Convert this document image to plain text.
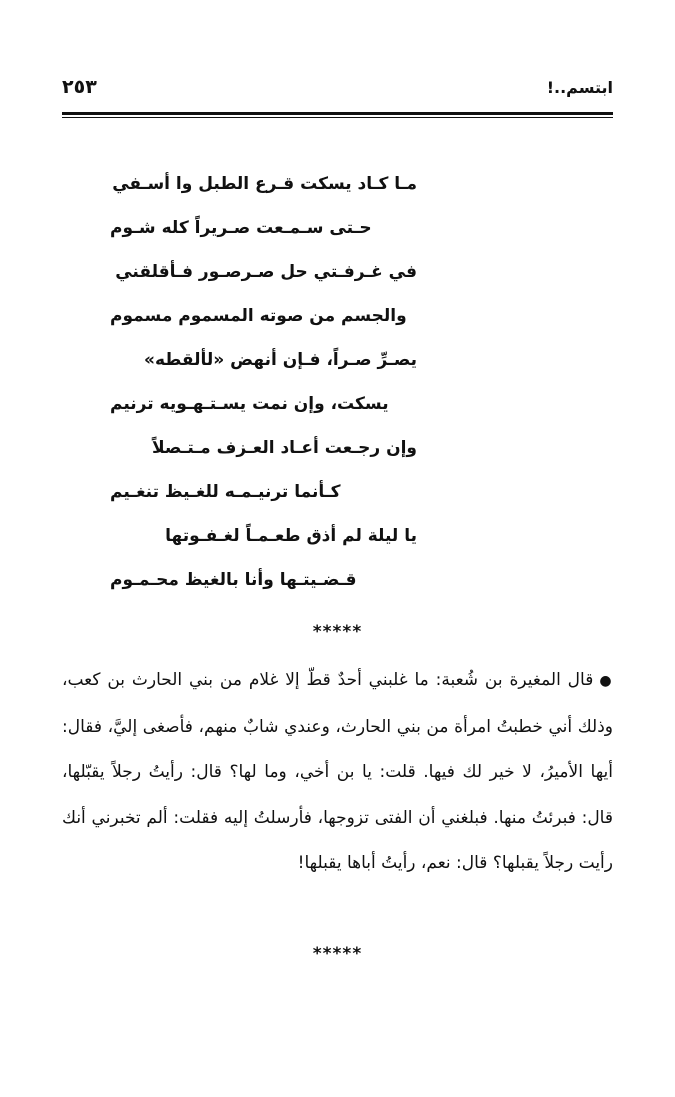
٢٥٣	ابتسم..!
مـا كـاد يسكت قـرع الطبل وا أسـفي
حـتى سـمـعت صـريراً كله شـوم
في غـرفـتي حل صـرصـور فـأقلقني
والجسم من صوته المسموم مسموم
يصـرِّ صـراً، فـإن أنهض «لألقطه»
يسكت، وإن نمت يسـتـهـويه ترنيم
وإن رجـعت أعـاد العـزف مـتـصلاً
كـأنما ترنيـمـه للغـيظ تنغـيم
يا ليلة لم أذق طعـمـاً لغـفـوتها
قـضـيتـها وأنا بالغيظ محـمـوم
*****
●قال المغيرة بن شُعبة: ما غلبني أحدٌ قطّ إلا غلام من بني الحارث بن كعب، وذلك أني خطبتُ امرأة من بني الحارث، وعندي شابٌ منهم، فأصغى إليَّ، فقال: أيها الأميرُ، لا خير لك فيها. قلت: يا بن أخي، وما لها؟ قال: رأيتُ رجلاً يقبّلها، قال: فبرئتُ منها. فبلغني أن الفتى تزوجها، فأرسلتُ إليه فقلت: ألم تخبرني أنك رأيت رجلاً يقبلها؟ قال: نعم، رأيتُ أباها يقبلها!
*****
